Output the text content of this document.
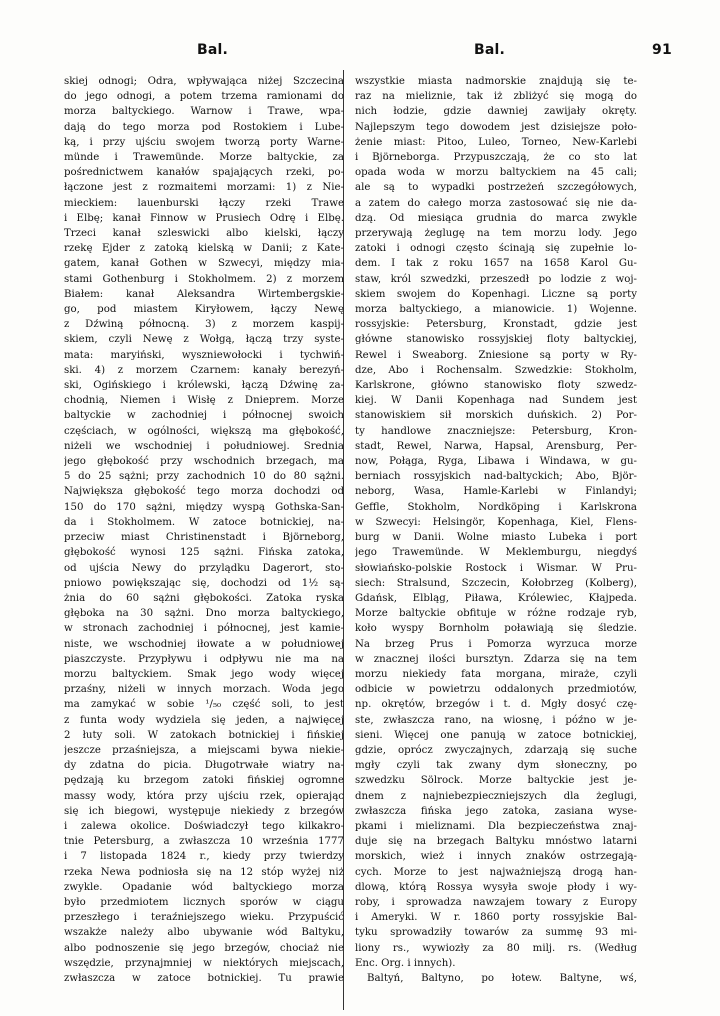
Bal.	Bal.	91
skiej odnogi; Odra, wpływająca niżej Szczecina
do jego odnogi, a potem trzema ramionami do
morza baltyckiego. Warnow i Trawe, wpa-
dają do tego morza pod Rostokiem i Lube-
ką, i przy ujściu swojem tworzą porty Warne-
münde i Trawemünde. Morze baltyckie, za
pośrednictwem kanałów spajających rzeki, po-
łączone jest z rozmaitemi morzami: 1) z Nie-
mieckiem: lauenburski łączy rzeki Trawe
i Elbę; kanał Finnow w Prusiech Odrę i Elbę.
Trzeci kanał szleswicki albo kielski, łączy
rzekę Ejder z zatoką kielską w Danii; z Kate-
gatem, kanał Gothen w Szwecyi, między mia-
stami Gothenburg i Stokholmem. 2) z morzem
Białem: kanał Aleksandra Wirtembergskie-
go, pod miastem Kiryłowem, łączy Newę
z Dźwiną północną. 3) z morzem kaspij-
skiem, czyli Newę z Wołgą, łączą trzy syste-
mata: maryiński, wyszniewołocki i tychwiń-
ski. 4) z morzem Czarnem: kanały berezyń-
ski, Ogińskiego i królewski, łączą Dźwinę za-
chodnią, Niemen i Wisłę z Dnieprem. Morze
baltyckie w zachodniej i północnej swoich
częściach, w ogólności, większą ma głębokość,
niżeli we wschodniej i południowej. Srednia
jego głębokość przy wschodnich brzegach, ma
5 do 25 sążni; przy zachodnich 10 do 80 sążni.
Największa głębokość tego morza dochodzi od
150 do 170 sążni, między wyspą Gothska-San-
da i Stokholmem. W zatoce botnickiej, na-
przeciw miast Christinenstadt i Björneborg,
głębokość wynosi 125 sążni. Fińska zatoka,
od ujścia Newy do przylądku Dagerort, sto-
pniowo powiększając się, dochodzi od 1½ są-
żnia do 60 sążni głębokości. Zatoka ryska
głęboka na 30 sążni. Dno morza baltyckiego,
w stronach zachodniej i północnej, jest kamie-
niste, we wschodniej iłowate a w południowej
piaszczyste. Przypływu i odpływu nie ma na
morzu baltyckiem. Smak jego wody więcej
przaśny, niżeli w innych morzach. Woda jego
ma zamykać w sobie ¹/₅₀ część soli, to jest
z funta wody wydziela się jeden, a najwięcej
2 łuty soli. W zatokach botnickiej i fińskiej
jeszcze przaśniejsza, a miejscami bywa niekie-
dy zdatna do picia. Długotrwałe wiatry na-
pędzają ku brzegom zatoki fińskiej ogromne
massy wody, która przy ujściu rzek, opierając
się ich biegowi, występuje niekiedy z brzegów
i zalewa okolice. Doświadczył tego kilkakro-
tnie Petersburg, a zwłaszcza 10 września 1777
i 7 listopada 1824 r., kiedy przy twierdzy
rzeka Newa podniosła się na 12 stóp wyżej niż
zwykle. Opadanie wód baltyckiego morza
było przedmiotem licznych sporów w ciągu
przeszłego i teraźniejszego wieku. Przypuścić
wszakże należy albo ubywanie wód Baltyku,
albo podnoszenie się jego brzegów, chociaż nie
wszędzie, przynajmniej w niektórych miejscach,
zwłaszcza w zatoce botnickiej. Tu prawie
wszystkie miasta nadmorskie znajdują się te-
raz na mieliznie, tak iż zbliżyć się mogą do
nich łodzie, gdzie dawniej zawijały okręty.
Najlepszym tego dowodem jest dzisiejsze poło-
żenie miast: Pitoo, Luleo, Torneo, New-Karlebi
i Björneborga. Przypuszczają, że co sto lat
opada woda w morzu baltyckiem na 45 cali;
ale są to wypadki postrzeżeń szczegółowych,
a zatem do całego morza zastosować się nie da-
dzą. Od miesiąca grudnia do marca zwykle
przerywają żeglugę na tem morzu lody. Jego
zatoki i odnogi często ścinają się zupełnie lo-
dem. I tak z roku 1657 na 1658 Karol Gu-
staw, król szwedzki, przeszedł po lodzie z woj-
skiem swojem do Kopenhagi. Liczne są porty
morza baltyckiego, a mianowicie. 1) Wojenne.
rossyjskie: Petersburg, Kronstadt, gdzie jest
główne stanowisko rossyjskiej floty baltyckiej,
Rewel i Sweaborg. Zniesione są porty w Ry-
dze, Abo i Rochensalm. Szwedzkie: Stokholm,
Karlskrone, główno stanowisko floty szwedz-
kiej. W Danii Kopenhaga nad Sundem jest
stanowiskiem sił morskich duńskich. 2) Por-
ty handlowe znaczniejsze: Petersburg, Kron-
stadt, Rewel, Narwa, Hapsal, Arensburg, Per-
now, Połąga, Ryga, Libawa i Windawa, w gu-
berniach rossyjskich nad-baltyckich; Abo, Björ-
neborg, Wasa, Hamle-Karlebi w Finlandyi;
Geffle, Stokholm, Nordköping i Karlskrona
w Szwecyi: Helsingör, Kopenhaga, Kiel, Flens-
burg w Danii. Wolne miasto Lubeka i port
jego Trawemünde. W Meklemburgu, niegdyś
słowiańsko-polskie Rostock i Wismar. W Pru-
siech: Stralsund, Szczecin, Kołobrzeg (Kolberg),
Gdańsk, Elbląg, Piława, Królewiec, Kłajpeda.
Morze baltyckie obfituje w różne rodzaje ryb,
koło wyspy Bornholm poławiają się śledzie.
Na brzeg Prus i Pomorza wyrzuca morze
w znacznej ilości bursztyn. Zdarza się na tem
morzu niekiedy fata morgana, miraże, czyli
odbicie w powietrzu oddalonych przedmiotów,
np. okrętów, brzegów i t. d. Mgły dosyć czę-
ste, zwłaszcza rano, na wiosnę, i późno w je-
sieni. Więcej one panują w zatoce botnickiej,
gdzie, oprócz zwyczajnych, zdarzają się suche
mgły czyli tak zwany dym słoneczny, po
szwedzku Sölrock. Morze baltyckie jest je-
dnem z najniebezpieczniejszych dla żeglugi,
zwłaszcza fińska jego zatoka, zasiana wyse-
pkami i mieliznami. Dla bezpieczeństwa znaj-
duje się na brzegach Baltyku mnóstwo latarni
morskich, wież i innych znaków ostrzegają-
cych. Morze to jest najważniejszą drogą han-
dlową, którą Rossya wysyła swoje płody i wy-
roby, i sprowadza nawzajem towary z Europy
i Ameryki. W r. 1860 porty rossyjskie Bal-
tyku sprowadziły towarów za summę 93 mi-
liony rs., wywiozły za 80 milj. rs. (Według
Enc. Org. i innych).
Baltyń, Baltyno, po łotew. Baltyne, wś,
